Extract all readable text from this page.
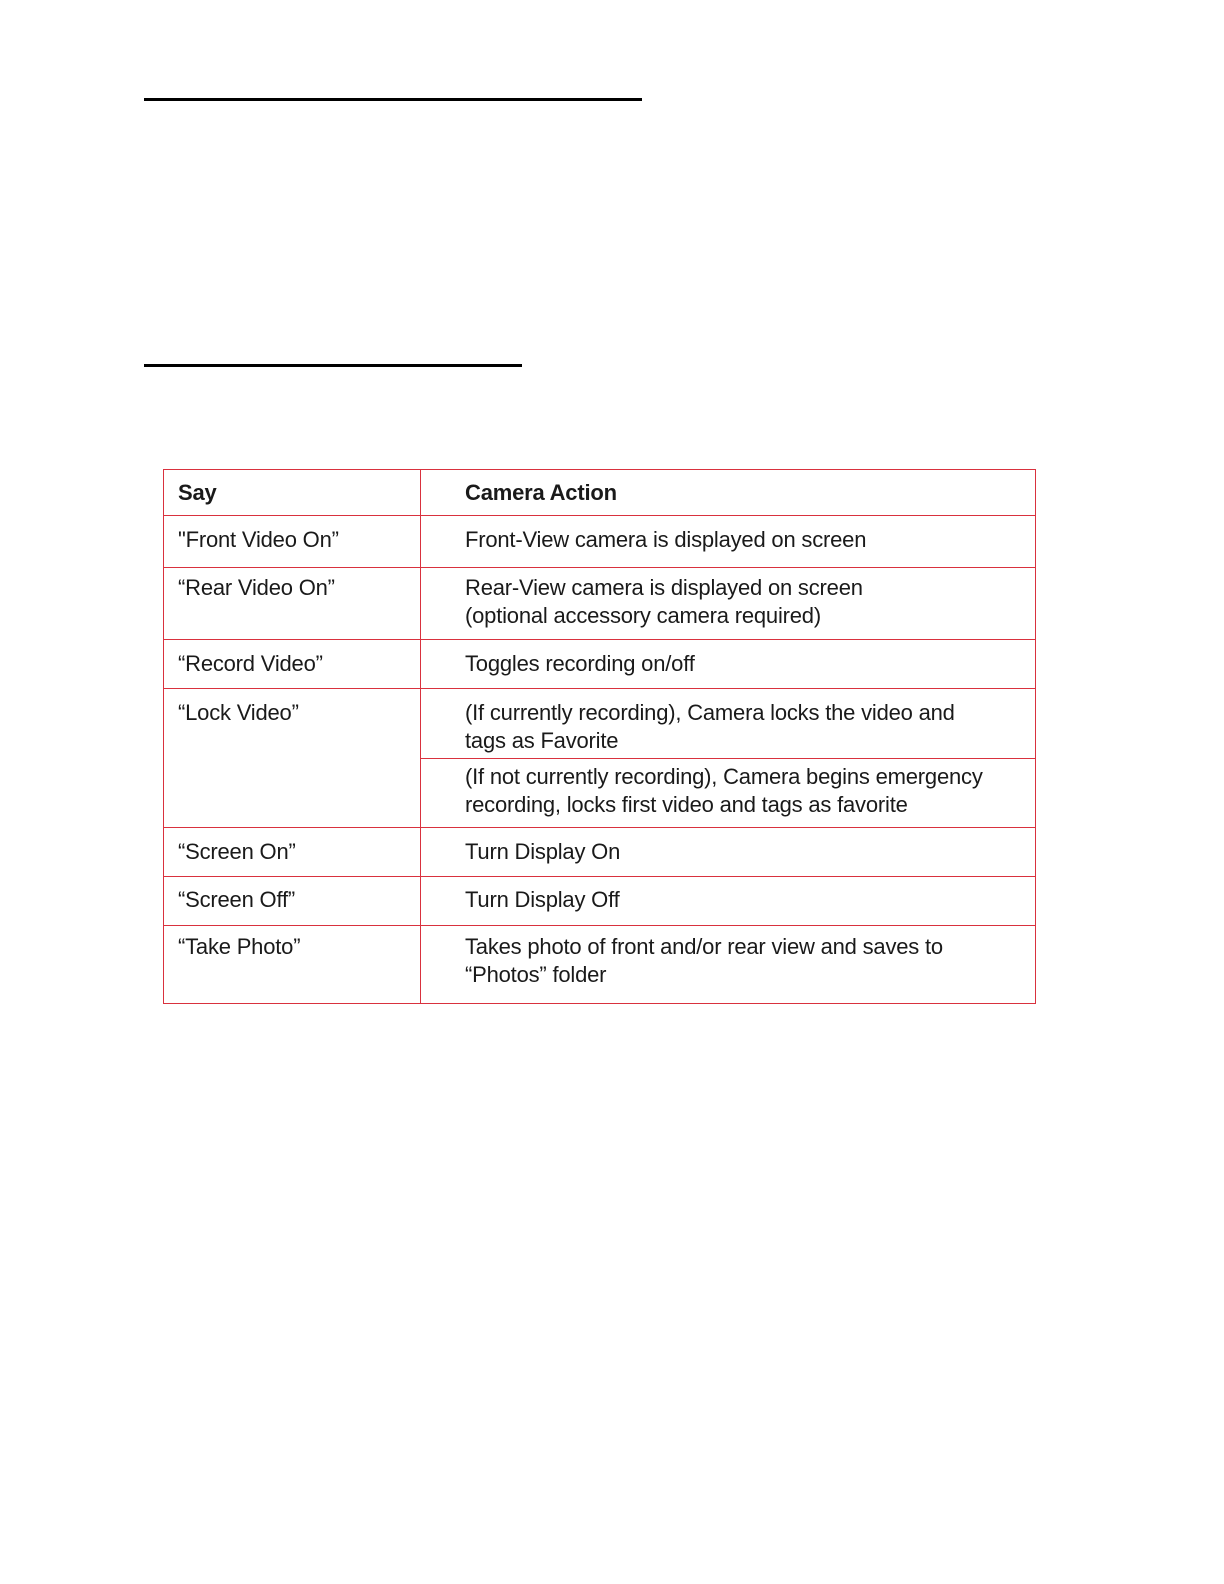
Say	Camera Action
"Front Video On”	Front-View camera is displayed on screen

“Rear Video On”	Rear-View camera is displayed on screen
(optional accessory camera required)

“Record Video”	Toggles recording on/off

“Lock Video”	(If currently recording), Camera locks the video and
tags as Favorite

	(If not currently recording), Camera begins emergency
recording, locks first video and tags as favorite

“Screen On”	Turn Display On

“Screen Off”	Turn Display Off

“Take Photo”	Takes photo of front and/or rear view and saves to
“Photos” folder
